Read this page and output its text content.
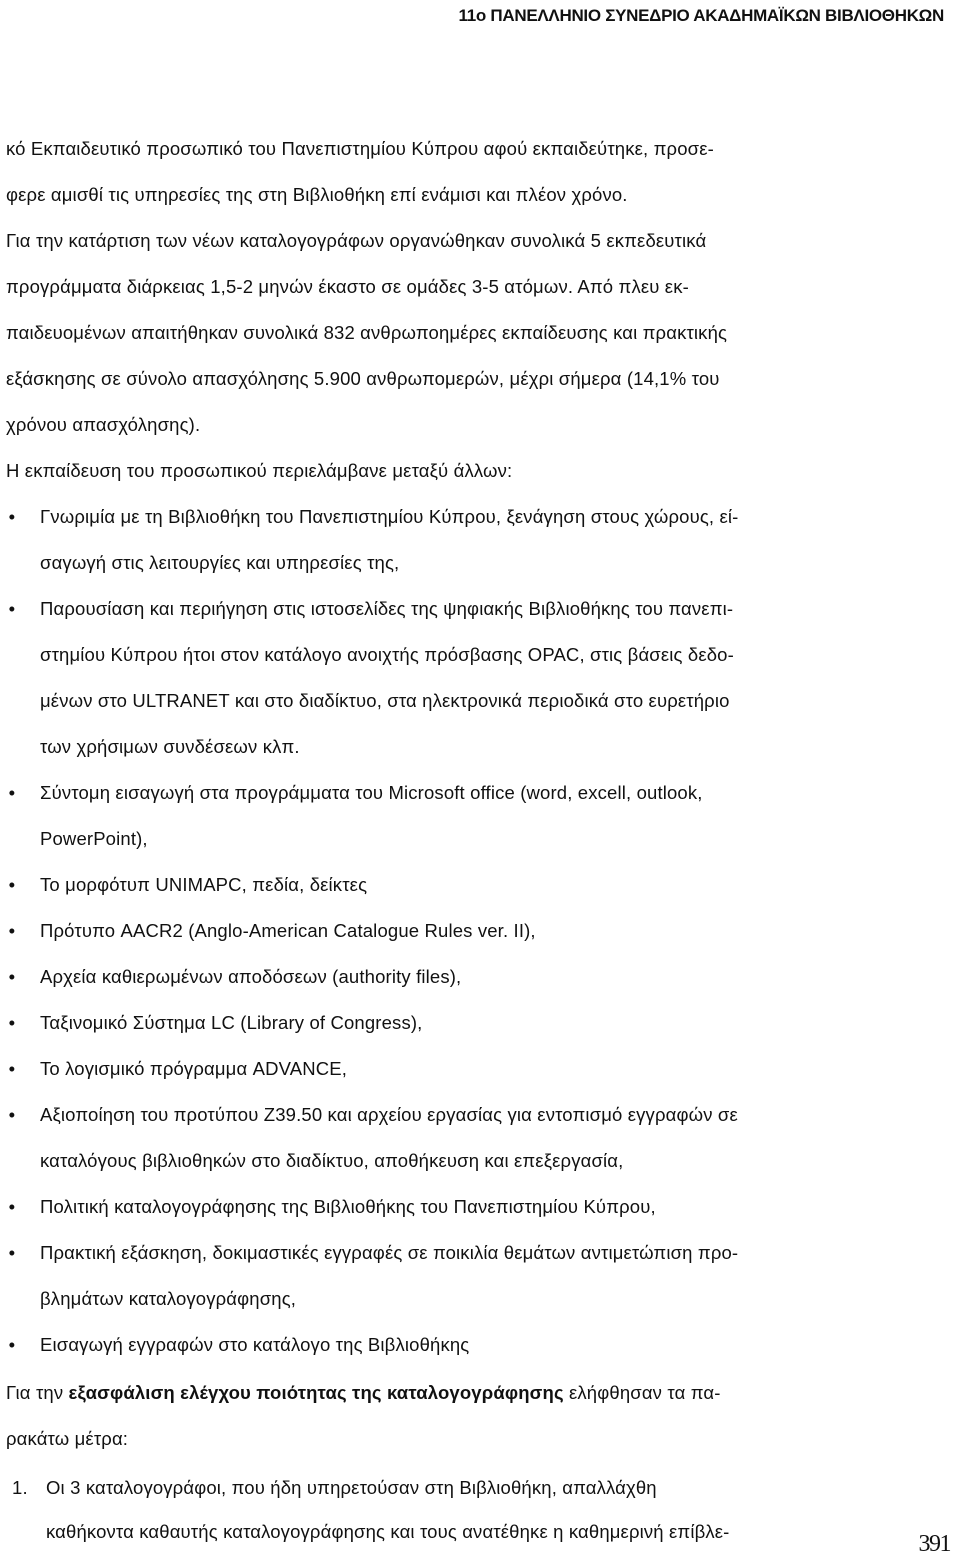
11ο ΠΑΝΕΛΛΗΝΙΟ ΣΥΝΕΔΡΙΟ ΑΚΑΔΗΜΑΪΚΩΝ ΒΙΒΛΙΟΘΗΚΩΝ
κό Εκπαιδευτικό προσωπικό του Πανεπιστημίου Κύπρου αφού εκπαιδεύτηκε, προσε-
φερε αμισθί τις υπηρεσίες της στη Βιβλιοθήκη επί ενάμισι και πλέον χρόνο.
Για την κατάρτιση των νέων καταλογογράφων οργανώθηκαν συνολικά 5 εκπεδευτικά
προγράμματα διάρκειας 1,5-2 μηνών έκαστο σε ομάδες 3-5 ατόμων. Από πλευ εκ-
παιδευομένων απαιτήθηκαν συνολικά 832 ανθρωποημέρες εκπαίδευσης και πρακτικής
εξάσκησης σε σύνολο απασχόλησης 5.900 ανθρωπομερών, μέχρι σήμερα (14,1% του
χρόνου απασχόλησης).
Η εκπαίδευση του προσωπικού περιελάμβανε μεταξύ άλλων:
• Γνωριμία με τη Βιβλιοθήκη του Πανεπιστημίου Κύπρου, ξενάγηση στους χώρους, εί-
σαγωγή στις λειτουργίες και υπηρεσίες της,
• Παρουσίαση και περιήγηση στις ιστοσελίδες της ψηφιακής Βιβλιοθήκης του πανεπι-
στημίου Κύπρου ήτοι στον κατάλογο ανοιχτής πρόσβασης OPAC, στις βάσεις δεδο-
μένων στο ULTRANET και στο διαδίκτυο, στα ηλεκτρονικά περιοδικά στο ευρετήριο
των χρήσιμων συνδέσεων κλπ.
• Σύντομη εισαγωγή στα προγράμματα του Microsoft office (word, excell, outlook,
PowerPoint),
• Το μορφότυπ UNIMAPC, πεδία, δείκτες
• Πρότυπο AACR2 (Anglo-American Catalogue Rules ver. II),
• Αρχεία καθιερωμένων αποδόσεων (authority files),
• Ταξινομικό Σύστημα LC (Library of Congress),
• Το λογισμικό πρόγραμμα ADVANCE,
• Αξιοποίηση του προτύπου Z39.50 και αρχείου εργασίας για εντοπισμό εγγραφών σε
καταλόγους βιβλιοθηκών στο διαδίκτυο, αποθήκευση και επεξεργασία,
• Πολιτική καταλογογράφησης της Βιβλιοθήκης του Πανεπιστημίου Κύπρου,
• Πρακτική εξάσκηση, δοκιμαστικές εγγραφές σε ποικιλία θεμάτων αντιμετώπιση προ-
βλημάτων καταλογογράφησης,
• Εισαγωγή εγγραφών στο κατάλογο της Βιβλιοθήκης
Για την εξασφάλιση ελέγχου ποιότητας της καταλογογράφησης ελήφθησαν τα πα-
ρακάτω μέτρα:
1. Οι 3 καταλογογράφοι, που ήδη υπηρετούσαν στη Βιβλιοθήκη, απαλλάχθη
καθήκοντα καθαυτής καταλογογράφησης και τους ανατέθηκε η καθημερινή επίβλε-	391
